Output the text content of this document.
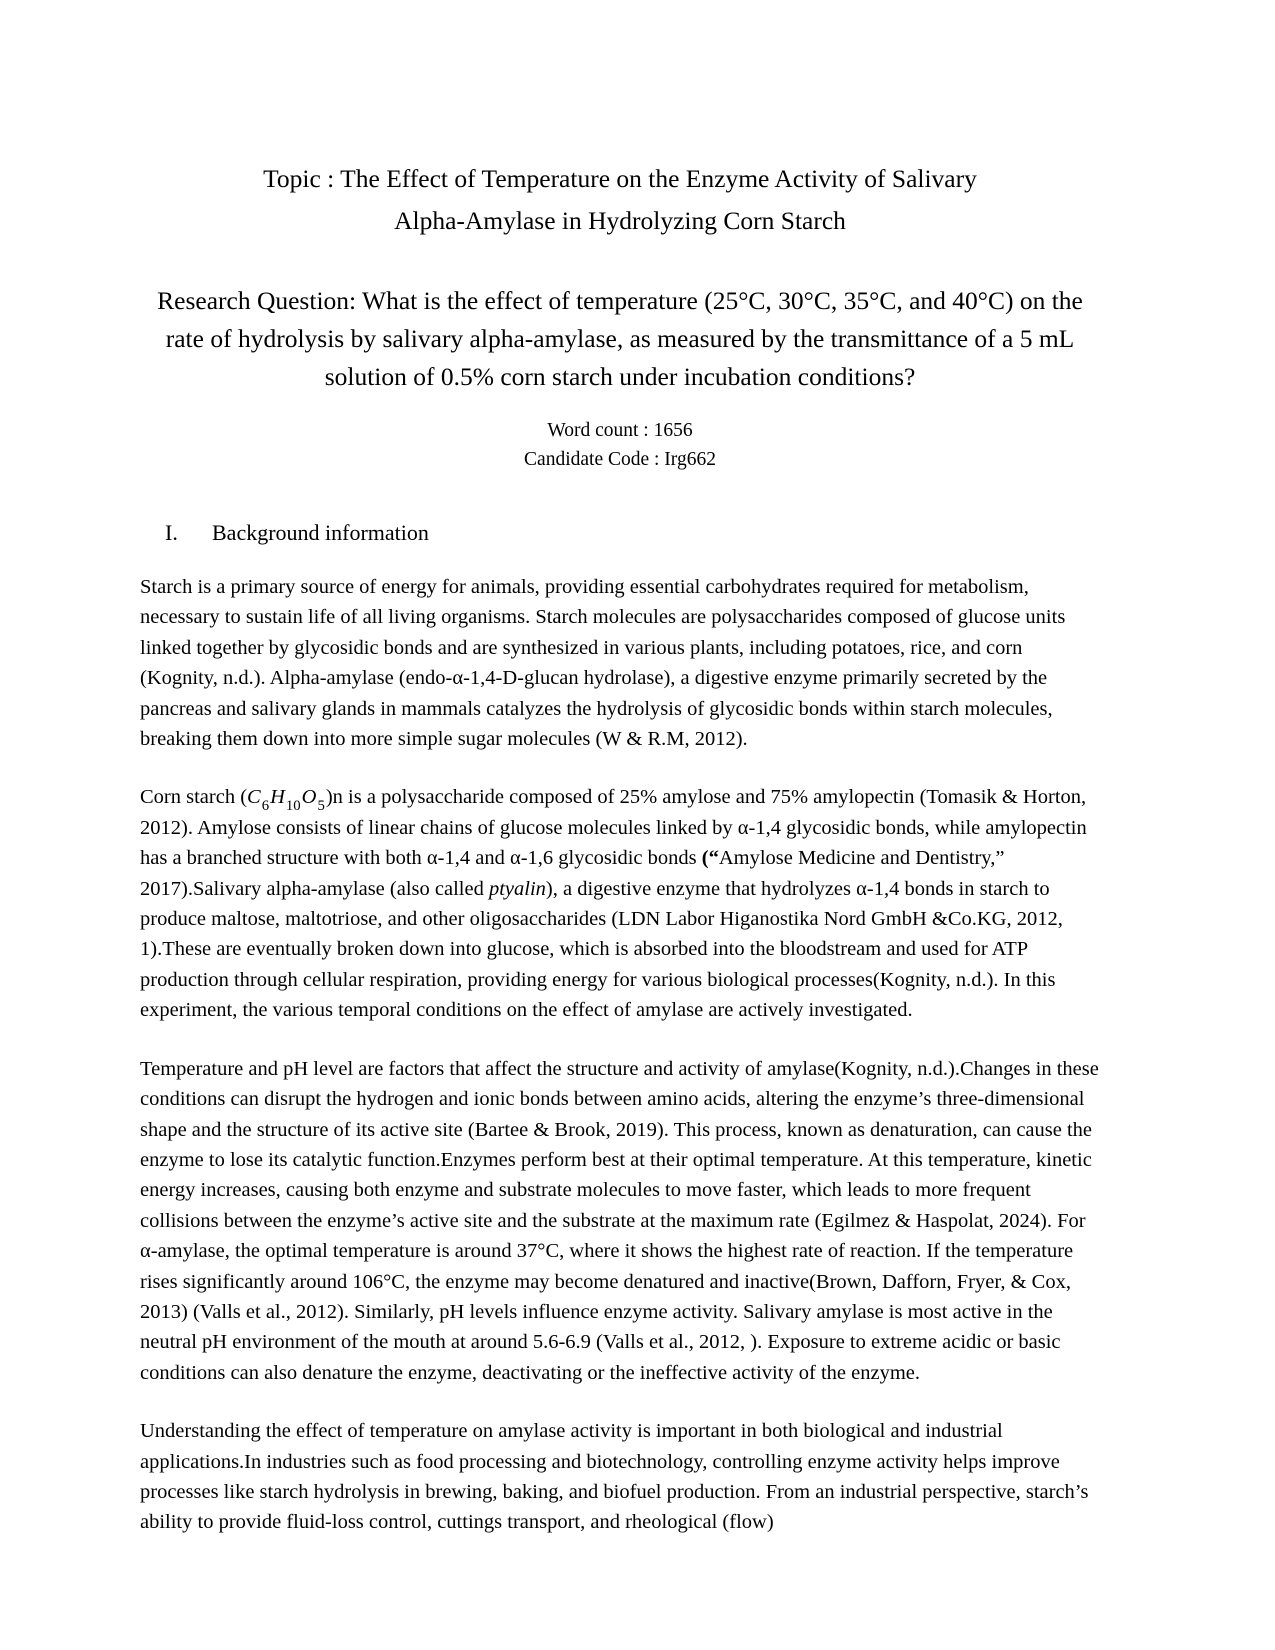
Topic : The Effect of Temperature on the Enzyme Activity of Salivary
Alpha-Amylase in Hydrolyzing Corn Starch
Research Question: What is the effect of temperature (25°C, 30°C, 35°C, and 40°C) on the rate of hydrolysis by salivary alpha-amylase, as measured by the transmittance of a 5 mL solution of 0.5% corn starch under incubation conditions?
Word count : 1656
Candidate Code : Irg662
I.	Background information

Starch is a primary source of energy for animals, providing essential carbohydrates required for metabolism, necessary to sustain life of all living organisms. Starch molecules are polysaccharides composed of glucose units linked together by glycosidic bonds and are synthesized in various plants, including potatoes, rice, and corn (Kognity, n.d.). Alpha-amylase (endo-α-1,4-D-glucan hydrolase), a digestive enzyme primarily secreted by the pancreas and salivary glands in mammals catalyzes the hydrolysis of glycosidic bonds within starch molecules, breaking them down into more simple sugar molecules (W & R.M, 2012).

Corn starch $(C_6H_{10}O_5)n$ is a polysaccharide composed of 25% amylose and 75% amylopectin (Tomasik & Horton, 2012). Amylose consists of linear chains of glucose molecules linked by α-1,4 glycosidic bonds, while amylopectin has a branched structure with both α-1,4 and α-1,6 glycosidic bonds (“Amylose Medicine and Dentistry,” 2017).Salivary alpha-amylase (also called ptyalin), a digestive enzyme that hydrolyzes α-1,4 bonds in starch to produce maltose, maltotriose, and other oligosaccharides (LDN Labor Higanostika Nord GmbH &Co.KG, 2012, 1).These are eventually broken down into glucose, which is absorbed into the bloodstream and used for ATP production through cellular respiration, providing energy for various biological processes(Kognity, n.d.). In this experiment, the various temporal conditions on the effect of amylase are actively investigated.

Temperature and pH level are factors that affect the structure and activity of amylase(Kognity, n.d.).Changes in these conditions can disrupt the hydrogen and ionic bonds between amino acids, altering the enzyme’s three-dimensional shape and the structure of its active site (Bartee & Brook, 2019). This process, known as denaturation, can cause the enzyme to lose its catalytic function.Enzymes perform best at their optimal temperature. At this temperature, kinetic energy increases, causing both enzyme and substrate molecules to move faster, which leads to more frequent collisions between the enzyme’s active site and the substrate at the maximum rate (Egilmez & Haspolat, 2024). For α-amylase, the optimal temperature is around 37°C, where it shows the highest rate of reaction. If the temperature rises significantly around 106°C, the enzyme may become denatured and inactive(Brown, Dafforn, Fryer, & Cox, 2013) (Valls et al., 2012). Similarly, pH levels influence enzyme activity. Salivary amylase is most active in the neutral pH environment of the mouth at around 5.6-6.9 (Valls et al., 2012, ). Exposure to extreme acidic or basic conditions can also denature the enzyme, deactivating or the ineffective activity of the enzyme.

Understanding the effect of temperature on amylase activity is important in both biological and industrial applications.In industries such as food processing and biotechnology, controlling enzyme activity helps improve processes like starch hydrolysis in brewing, baking, and biofuel production. From an industrial perspective, starch’s ability to provide fluid-loss control, cuttings transport, and rheological (flow)
